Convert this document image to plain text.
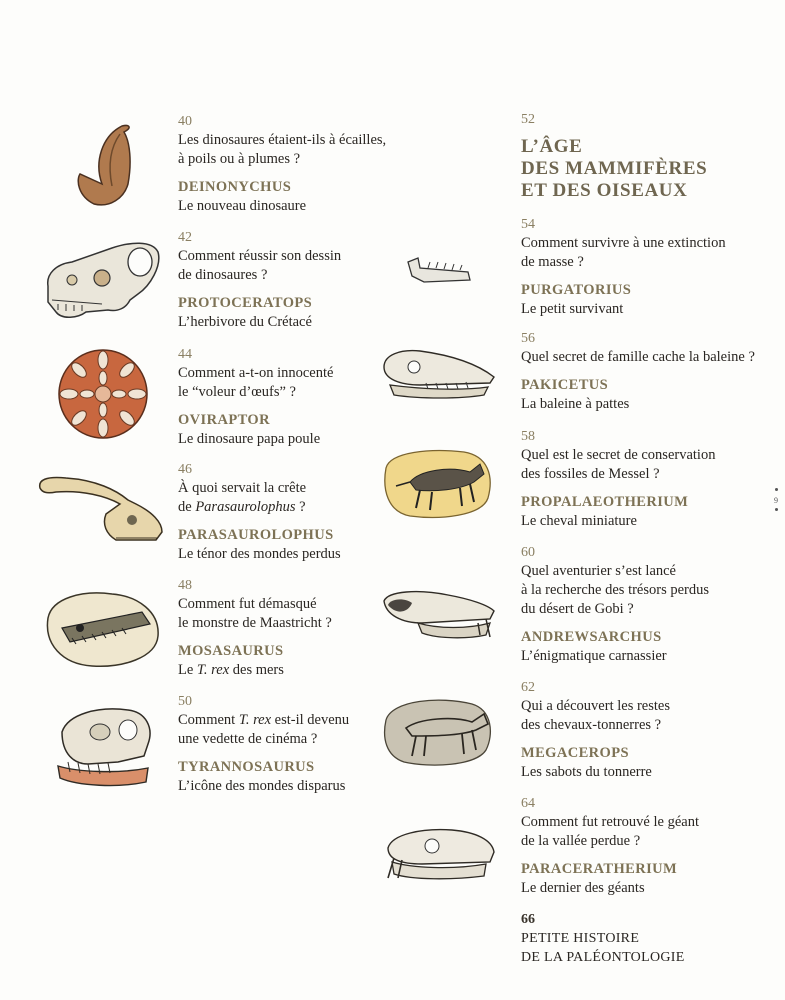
40
Les dinosaures étaient-ils à écailles,
à poils ou à plumes ?
DEINONYCHUS
Le nouveau dinosaure
42
Comment réussir son dessin
de dinosaures ?
PROTOCERATOPS
L’herbivore du Crétacé
44
Comment a-t-on innocenté
le “voleur d’œufs” ?
OVIRAPTOR
Le dinosaure papa poule
46
À quoi servait la crête
de Parasaurolophus ?
PARASAUROLOPHUS
Le ténor des mondes perdus
48
Comment fut démasqué
le monstre de Maastricht ?
MOSASAURUS
Le T. rex des mers
50
Comment T. rex est-il devenu
une vedette de cinéma ?
TYRANNOSAURUS
L’icône des mondes disparus
52
L’ÂGE
DES MAMMIFÈRES
ET DES OISEAUX
54
Comment survivre à une extinction
de masse ?
PURGATORIUS
Le petit survivant
56
Quel secret de famille cache la baleine ?
PAKICETUS
La baleine à pattes
58
Quel est le secret de conservation
des fossiles de Messel ?
PROPALAEOTHERIUM
Le cheval miniature
60
Quel aventurier s’est lancé
à la recherche des trésors perdus
du désert de Gobi ?
ANDREWSARCHUS
L’énigmatique carnassier
62
Qui a découvert les restes
des chevaux-tonnerres ?
MEGACEROPS
Les sabots du tonnerre
64
Comment fut retrouvé le géant
de la vallée perdue ?
PARACERATHERIUM
Le dernier des géants
66
PETITE HISTOIRE
DE LA PALÉONTOLOGIE
9
